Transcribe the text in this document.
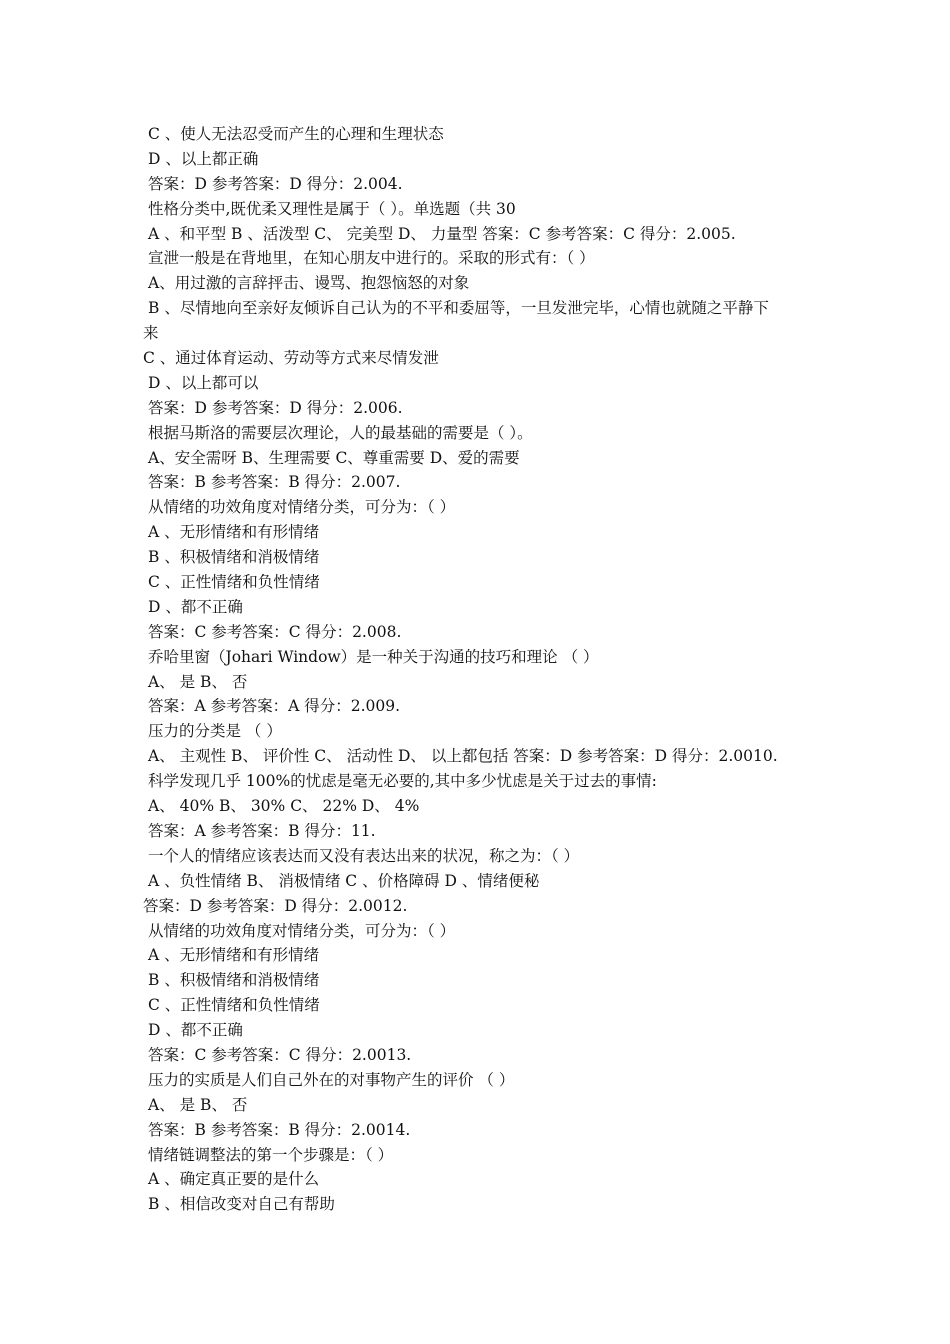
C 、使人无法忍受而产生的心理和生理状态
D 、以上都正确
答案：D 参考答案：D 得分：2.004.
性格分类中,既优柔又理性是属于（ ）。单选题（共 30
A 、和平型 B 、活泼型 C、 完美型 D、 力量型 答案：C 参考答案：C 得分：2.005.
宣泄一般是在背地里，在知心朋友中进行的。采取的形式有：（ ）
A、用过激的言辞抨击、谩骂、抱怨恼怒的对象
B 、尽情地向至亲好友倾诉自己认为的不平和委屈等，一旦发泄完毕，心情也就随之平静下
来
C 、通过体育运动、劳动等方式来尽情发泄
D 、以上都可以
答案：D 参考答案：D 得分：2.006.
根据马斯洛的需要层次理论，人的最基础的需要是（ ）。
A、安全需呀 B、生理需要 C、尊重需要 D、爱的需要
答案：B 参考答案：B 得分：2.007.
从情绪的功效角度对情绪分类，可分为：（ ）
A 、无形情绪和有形情绪
B 、积极情绪和消极情绪
C 、正性情绪和负性情绪
D 、都不正确
答案：C 参考答案：C 得分：2.008.
乔哈里窗（Johari Window）是一种关于沟通的技巧和理论 （ ）
A、 是 B、 否
答案：A 参考答案：A 得分：2.009.
压力的分类是 （ ）
A、 主观性 B、 评价性 C、 活动性 D、 以上都包括 答案：D 参考答案：D 得分：2.0010.
科学发现几乎 100%的忧虑是毫无必要的,其中多少忧虑是关于过去的事情:
A、 40% B、 30% C、 22% D、 4%
答案：A 参考答案：B 得分：11.
一个人的情绪应该表达而又没有表达出来的状况，称之为：（ ）
A 、负性情绪 B、 消极情绪 C 、价格障碍 D 、情绪便秘
答案：D 参考答案：D 得分：2.0012.
从情绪的功效角度对情绪分类，可分为：（ ）
A 、无形情绪和有形情绪
B 、积极情绪和消极情绪
C 、正性情绪和负性情绪
D 、都不正确
答案：C 参考答案：C 得分：2.0013.
压力的实质是人们自己外在的对事物产生的评价 （ ）
A、 是 B、 否
答案：B 参考答案：B 得分：2.0014.
情绪链调整法的第一个步骤是：（ ）
A 、确定真正要的是什么
B 、相信改变对自己有帮助
